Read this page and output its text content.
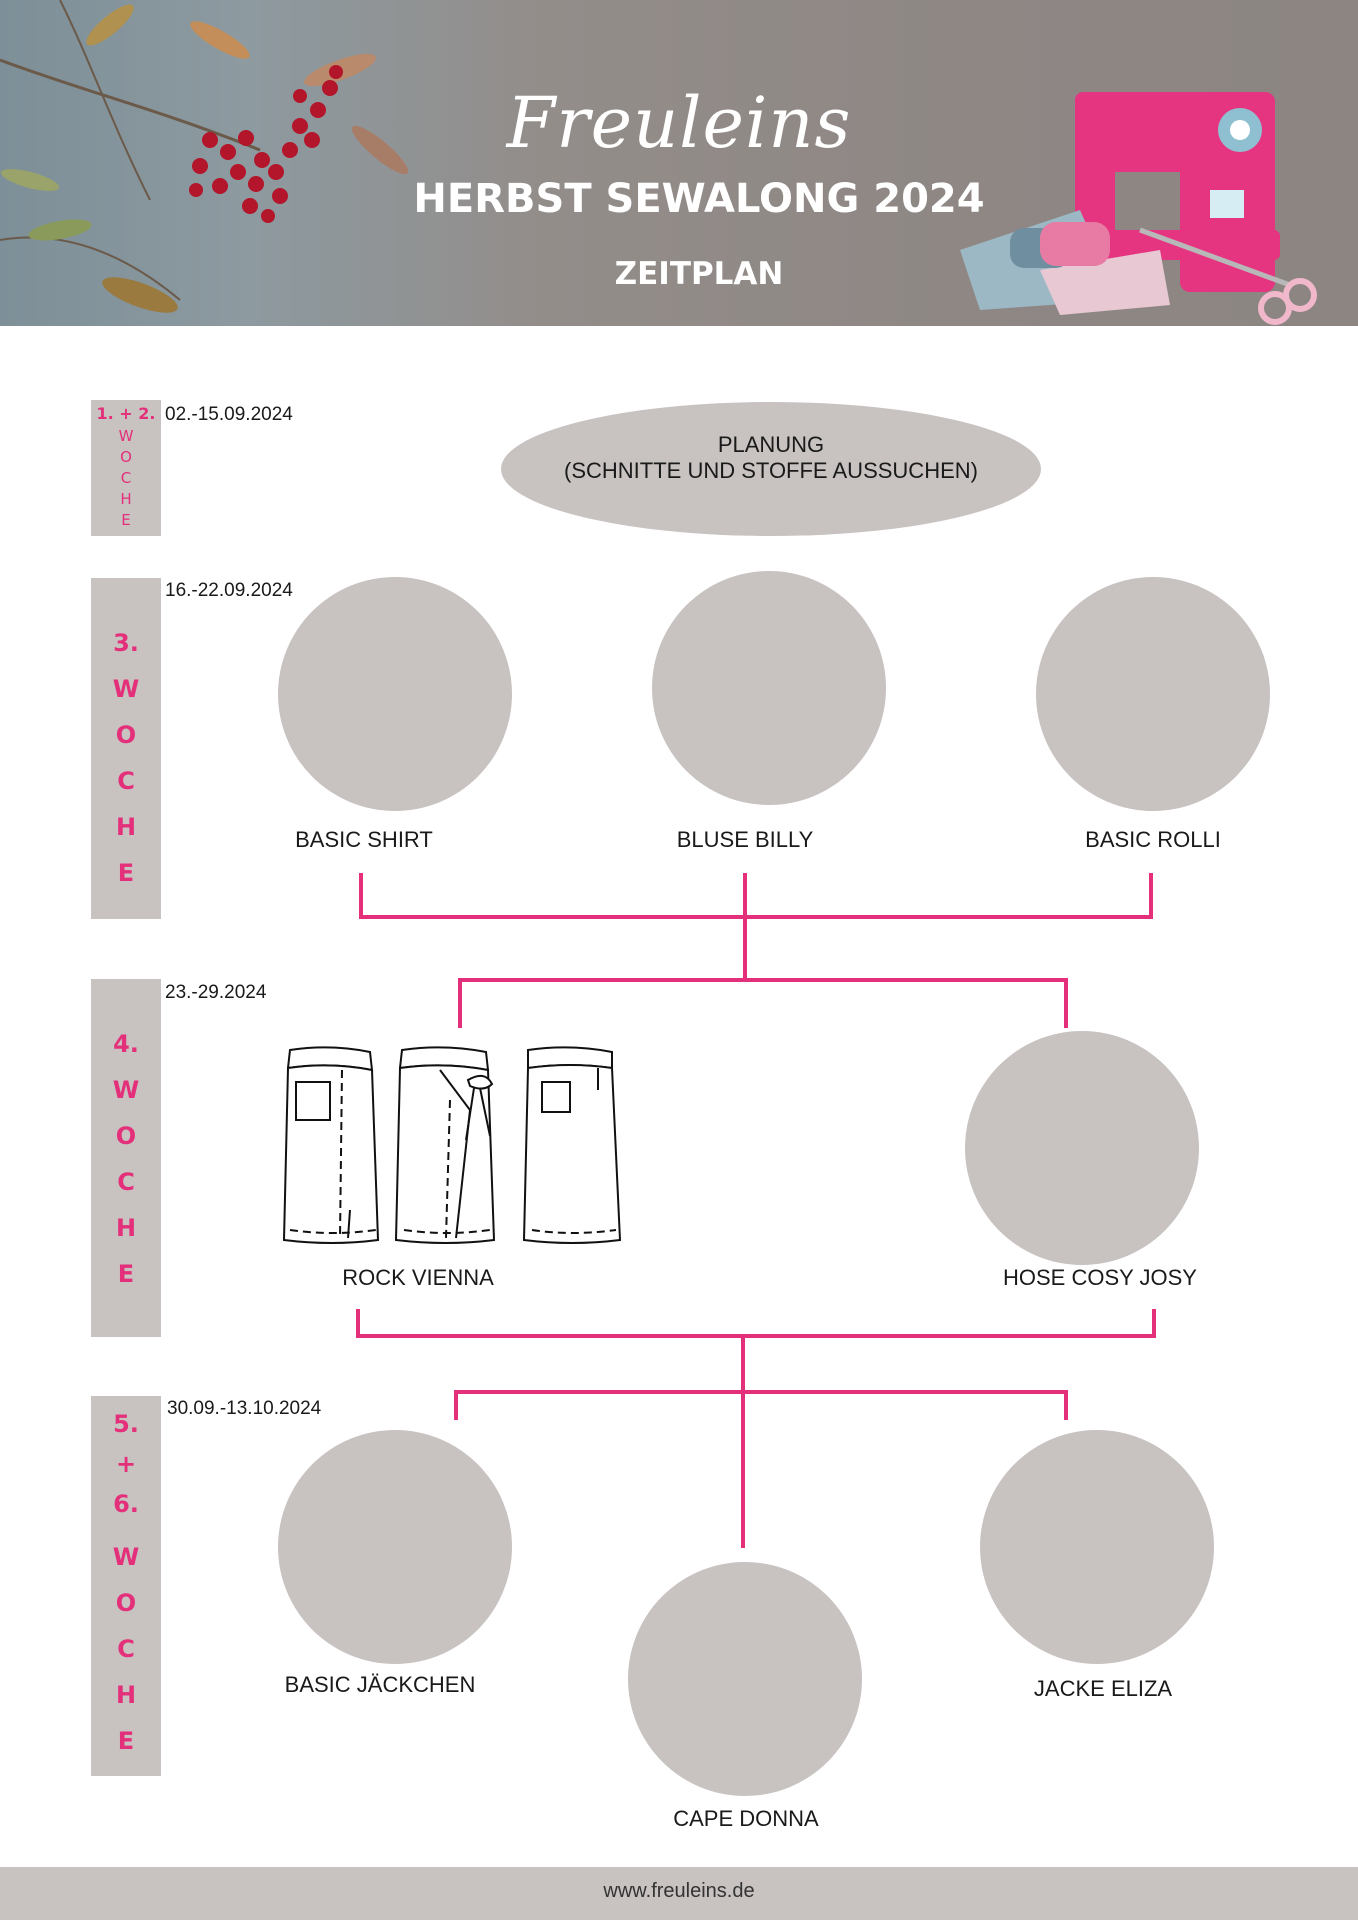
Freuleins
HERBST SEWALONG 2024
ZEITPLAN
1. + 2.
W
O
C
H
E
02.-15.09.2024
PLANUNG
(SCHNITTE UND STOFFE AUSSUCHEN)
3.
W
O
C
H
E
16.-22.09.2024
BASIC SHIRT	BLUSE BILLY	BASIC ROLLI
4.
W
O
C
H
E
23.-29.2024
ROCK VIENNA	HOSE COSY JOSY
5.
+
6.
W
O
C
H
E
30.09.-13.10.2024
BASIC JÄCKCHEN
CAPE DONNA
JACKE ELIZA
www.freuleins.de
